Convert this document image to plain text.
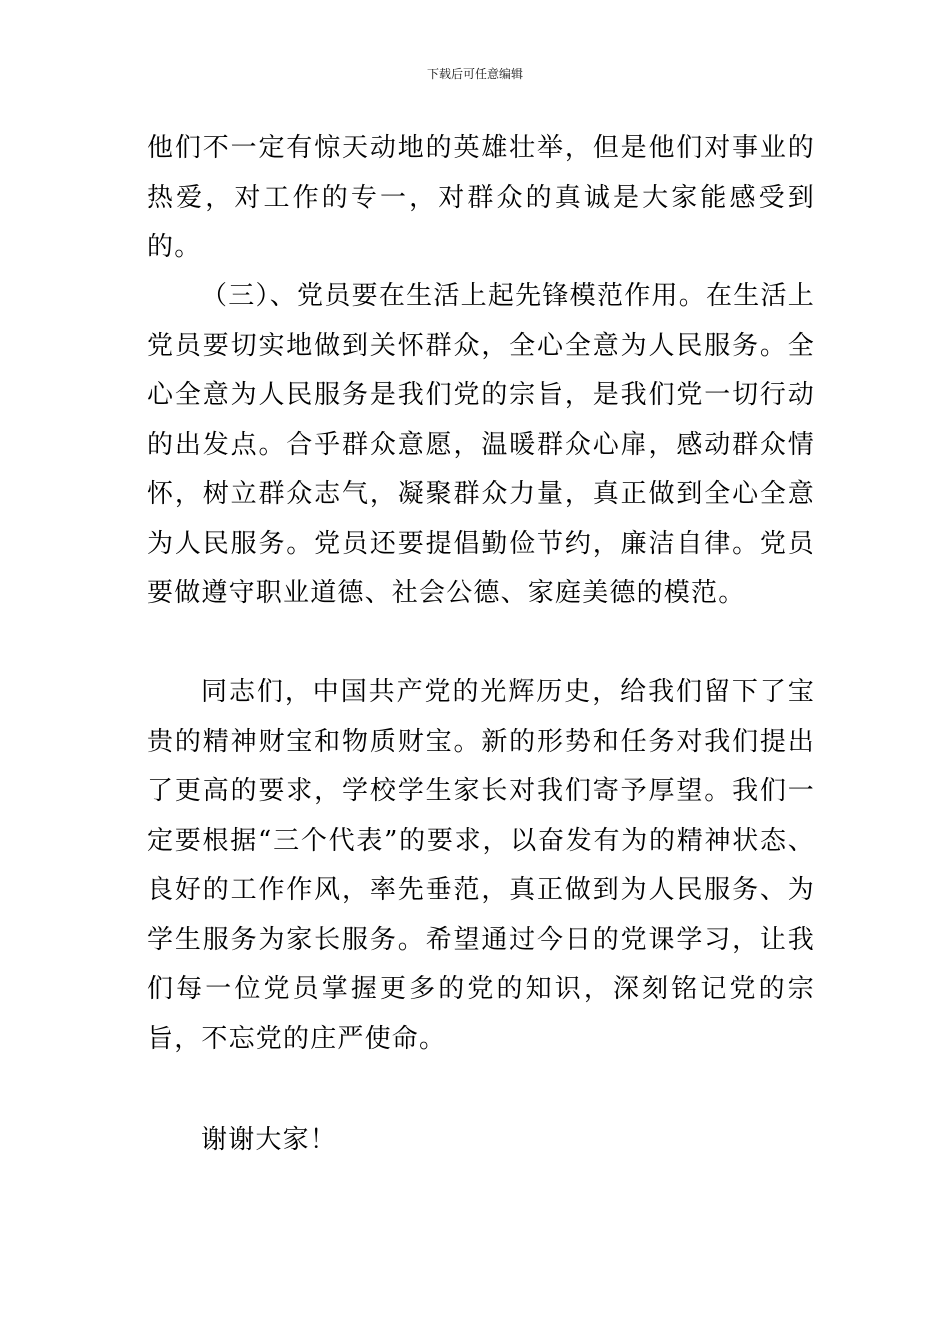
下载后可任意编辑

他们不一定有惊天动地的英雄壮举，但是他们对事业的热爱，对工作的专一，对群众的真诚是大家能感受到的。

（三）、党员要在生活上起先锋模范作用。在生活上党员要切实地做到关怀群众，全心全意为人民服务。全心全意为人民服务是我们党的宗旨，是我们党一切行动的出发点。合乎群众意愿，温暖群众心扉，感动群众情怀，树立群众志气，凝聚群众力量，真正做到全心全意为人民服务。党员还要提倡勤俭节约，廉洁自律。党员要做遵守职业道德、社会公德、家庭美德的模范。

同志们，中国共产党的光辉历史，给我们留下了宝贵的精神财宝和物质财宝。新的形势和任务对我们提出了更高的要求，学校学生家长对我们寄予厚望。我们一定要根据“三个代表”的要求，以奋发有为的精神状态、良好的工作作风，率先垂范，真正做到为人民服务、为学生服务为家长服务。希望通过今日的党课学习，让我们每一位党员掌握更多的党的知识，深刻铭记党的宗旨，不忘党的庄严使命。

谢谢大家！
